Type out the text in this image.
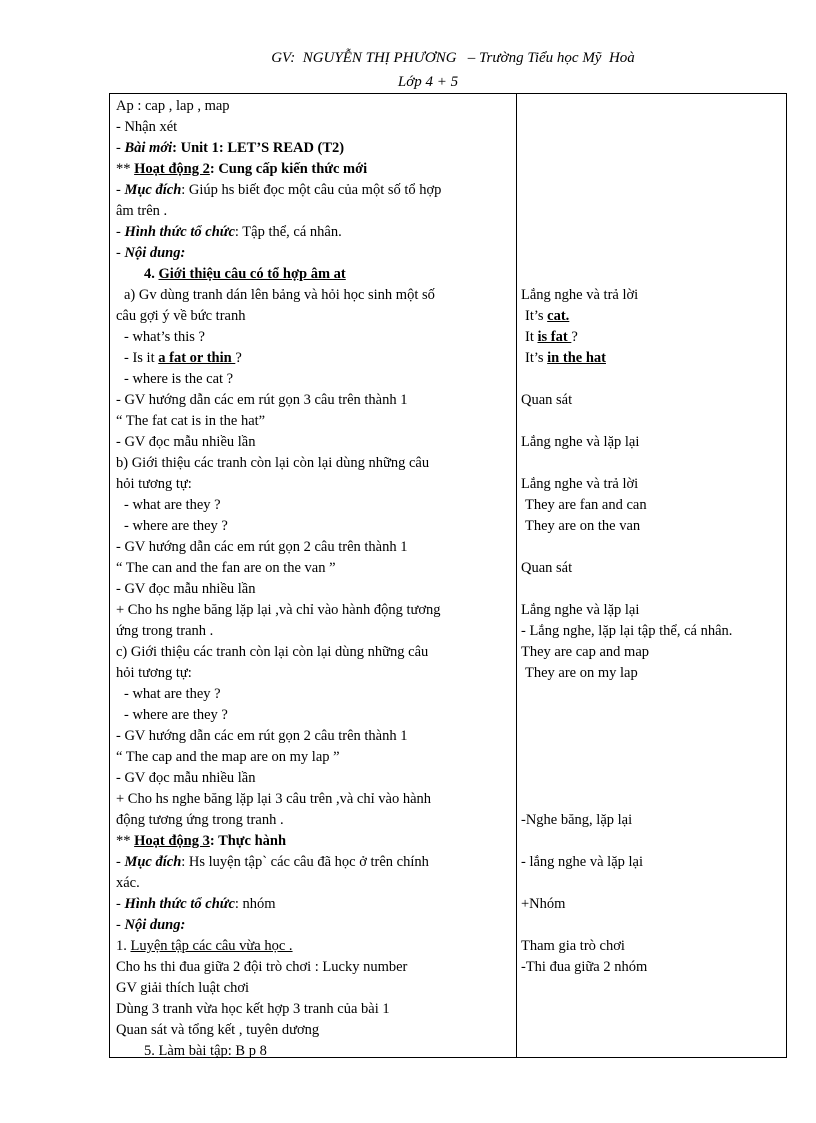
GV:  NGUYỄN THỊ PHƯƠNG   – Trường Tiểu học Mỹ  Hoà
Lớp 4 + 5
Ap : cap , lap , map
- Nhận xét
- Bài mới: Unit 1: LET’S READ (T2)
** Hoạt động 2: Cung cấp kiến thức mới
- Mục đích: Giúp hs biết đọc một câu của một số tổ hợp
âm trên .
- Hình thức tổ chức: Tập thể, cá nhân.
- Nội dung:
4. Giới thiệu câu có tổ hợp âm at
a) Gv dùng tranh dán lên bảng và hỏi học sinh một số
câu gợi ý về bức tranh
- what’s this ?
- Is it a fat or thin ?
- where is the cat ?
- GV hướng dẫn các em rút gọn 3 câu trên thành 1
“ The fat cat is in the hat”
- GV đọc mẫu nhiều lần
b) Giới thiệu các tranh còn lại còn lại dùng những câu
hỏi tương tự:
- what are they ?
- where are they ?
- GV hướng dẫn các em rút gọn 2 câu trên thành 1
“ The can and the fan are on the van ”
- GV đọc mẫu nhiều lần
+ Cho hs nghe băng lặp lại ,và chỉ vào hành động tương
ứng trong tranh .
c) Giới thiệu các tranh còn lại còn lại dùng những câu
hỏi tương tự:
- what are they ?
- where are they ?
- GV hướng dẫn các em rút gọn 2 câu trên thành 1
“ The cap and the map are on my lap ”
- GV đọc mẫu nhiều lần
+ Cho hs nghe băng lặp lại 3 câu trên ,và chỉ vào hành
động tương ứng trong tranh .
** Hoạt động 3: Thực hành
- Mục đích: Hs luyện tập` các câu đã học ở trên chính
xác.
- Hình thức tổ chức: nhóm
- Nội dung:
1. Luyện tập các câu vừa học .
Cho hs thi đua giữa 2 đội trò chơi : Lucky number
GV giải thích luật chơi
Dùng 3 tranh vừa học kết hợp 3 tranh của bài 1
Quan sát và tổng kết , tuyên dương
5. Làm bài tập: B p 8
Lắng nghe và trả lời
It’s cat.
It is fat ?
It’s in the hat
Quan sát
Lắng nghe và lặp lại
Lắng nghe và trả lời
They are fan and can
They are on the van
Quan sát
Lắng nghe và lặp lại
- Lắng nghe, lặp lại tập thể, cá nhân.
They are cap and map
They are on my lap
-Nghe băng, lặp lại
- lắng nghe và lặp lại
+Nhóm
Tham gia trò chơi
-Thi đua giữa 2 nhóm
